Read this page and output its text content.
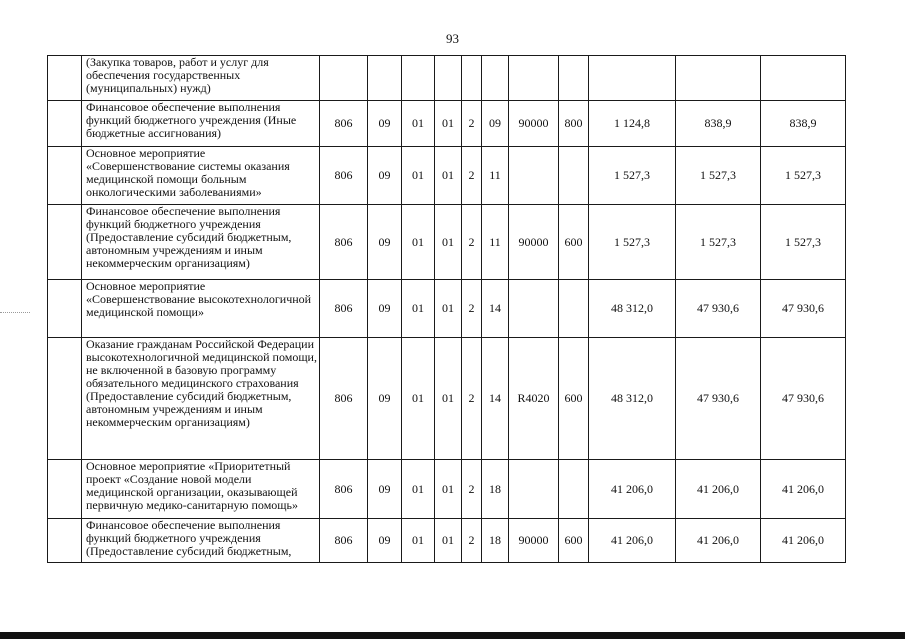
93
	(Закупка товаров, работ и услуг для обеспечения государственных (муниципальных) нужд)											
	Финансовое обеспечение выполнения функций бюджетного учреждения (Иные бюджетные ассигнования)	806	09	01	01	2	09	90000	800	1 124,8	838,9	838,9
	Основное мероприятие «Совершенствование системы оказания медицинской помощи больным онкологическими заболеваниями»	806	09	01	01	2	11			1 527,3	1 527,3	1 527,3
	Финансовое обеспечение выполнения функций бюджетного учреждения (Предоставление субсидий бюджетным, автономным учреждениям и иным некоммерческим организациям)	806	09	01	01	2	11	90000	600	1 527,3	1 527,3	1 527,3
	Основное мероприятие «Совершенствование высокотехнологичной медицинской помощи»	806	09	01	01	2	14			48 312,0	47 930,6	47 930,6
	Оказание гражданам Российской Федерации высокотехнологичной медицинской помощи, не включенной в базовую программу обязательного медицинского страхования (Предоставление субсидий бюджетным, автономным учреждениям и иным некоммерческим организациям)	806	09	01	01	2	14	R4020	600	48 312,0	47 930,6	47 930,6
	Основное мероприятие «Приоритетный проект «Создание новой модели медицинской организации, оказывающей первичную медико-санитарную помощь»	806	09	01	01	2	18			41 206,0	41 206,0	41 206,0
	Финансовое обеспечение выполнения функций бюджетного учреждения (Предоставление субсидий бюджетным,	806	09	01	01	2	18	90000	600	41 206,0	41 206,0	41 206,0
